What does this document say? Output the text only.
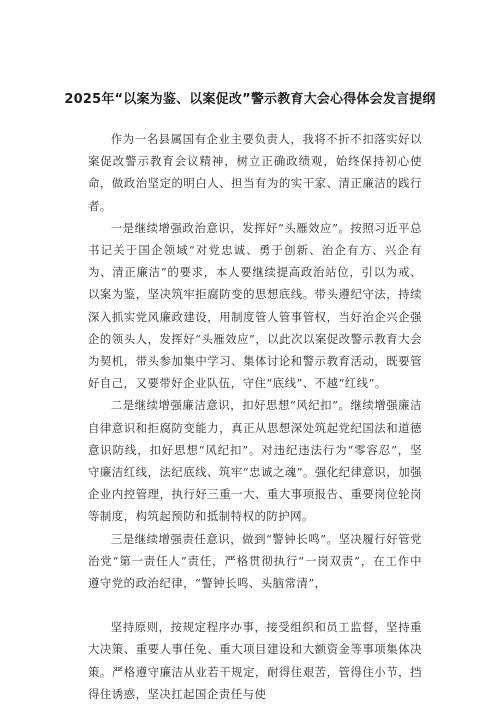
2025年“以案为鉴、以案促改”警示教育大会心得体会发言提纲

作为一名县属国有企业主要负责人，我将不折不扣落实好以案促改警示教育会议精神，树立正确政绩观，始终保持初心使命，做政治坚定的明白人、担当有为的实干家、清正廉洁的践行者。

一是继续增强政治意识，发挥好“头雁效应”。按照习近平总书记关于国企领域“对党忠诚、勇于创新、治企有方、兴企有为、清正廉洁”的要求，本人要继续提高政治站位，引以为戒、以案为鉴，坚决筑牢拒腐防变的思想底线。带头遵纪守法，持续深入抓实党风廉政建设，用制度管人管事管权，当好治企兴企强企的领头人，发挥好“头雁效应”，以此次以案促改警示教育大会为契机，带头参加集中学习、集体讨论和警示教育活动，既要管好自己，又要带好企业队伍，守住“底线”、不越“红线”。

二是继续增强廉洁意识，扣好思想“风纪扣”。继续增强廉洁自律意识和拒腐防变能力，真正从思想深处筑起党纪国法和道德意识防线，扣好思想“风纪扣”。对违纪违法行为“零容忍”，坚守廉洁红线，法纪底线、筑牢“忠诚之魂”。强化纪律意识，加强企业内控管理，执行好三重一大、重大事项报告、重要岗位轮岗等制度，构筑起预防和抵制特权的防护网。

三是继续增强责任意识，做到“警钟长鸣”。坚决履行好管党治党“第一责任人”责任，严格贯彻执行“一岗双责”，在工作中遵守党的政治纪律，“警钟长鸣、头脑常清”，

坚持原则，按规定程序办事，接受组织和员工监督，坚持重大决策、重要人事任免、重大项目建设和大额资金等事项集体决策。严格遵守廉洁从业若干规定，耐得住艰苦，管得住小节，挡得住诱惑，坚决扛起国企责任与使
